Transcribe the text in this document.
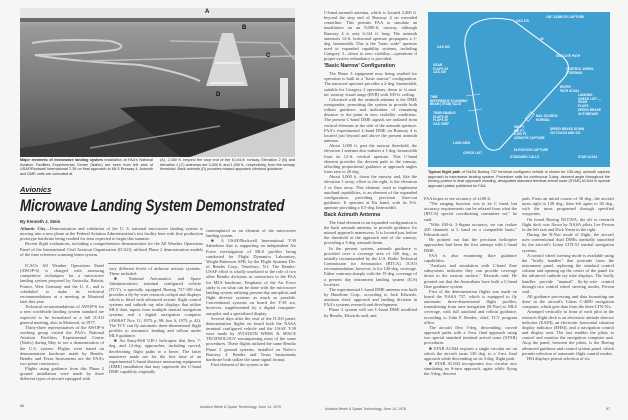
A
B
C
D
Major elements of microwave landing system installation at FAA's National Aviation Facilities Experimental Center (Nafec) are seen from left seat of USAF/Rockwell International T-39 on final approach to MLS Runway 4. Azimuth and DME units are colocated at
(A), 2,400 ft. beyond the stop end of the 6,144-ft. runway. Elevation 2 (B) and elevation 1 (C) antennas are 3,000 ft. and 1,000 ft., respectively, from the runway threshold. Back azimuth (D) provides missed approach climbout guidance.
Avionics
Microwave Landing System Demonstrated
By Kenneth J. Stein

Atlantic City—Demonstration and validation of the U. S. national microwave landing system is moving into a new phase at the Federal Aviation Administration's test facility here with first production prototype hardware being readied for tests expected to begin this summer.

Recent flight evaluations, including a comprehensive demonstration for the All Weather Operations Panel of the International Civil Aviation Organization (ICAO), utilized Phase 2 demonstration models of the time reference scanning beam system.

ICAO's All Weather Operations Panel (AWOP-6) is charged with assessing competitive techniques for a microwave landing system proposed by Australia, Britain, France, West Germany and the U. S., and is scheduled to make its technical recommendations at a meeting in Montreal later this year.

Technical recommendations of AWOP-6 for a new worldwide landing system standard are expected to be formalized at a full ICAO general meeting, also in Montreal, in 1977.

Thirty-three representatives of the AWOP-6 working group visited the FAA's National Aviation Facilities Experimental Center (Nafec) during May to see a demonstration of the U.S. system. Flights were based on demonstration hardware made by Bendix. Bendix and Texas Instruments are the FAA's two prime contractors.

Flights using guidance from this Phase 2 ground installation were made by three different types of aircraft equipped with

very different levels of airborne avionic systems. These included:

■ National Aeronautics and Space Administration's terminal configured vehicle (TCV), a specially equipped Boeing 737-100 that provides a fly-by-wire research cockpit and displays which is fitted with advanced avionic flight control systems and cathode ray tube displays that utilize MLS data, inputs from multiple inertial navigation systems and a digital navigation computer (AW&ST Nov. 11, 1975, p. 98; Jun. 6, 1975, p. 42). The TCV can fly automatic three-dimensional flight profiles to automatic landing and rollout under MLS guidance.

■ An Army/Bell UH-1 helicopter that flew 7-deg. and 12-deg. approaches, including curved, decelerating flight paths to a hover. The latter maneuver made use for the first time of an experimental L-band distance measuring equipment (DME) installation that may supersede the C-band DME capability originally

contemplated as an element of the microwave landing system.

■ A USAF/Rockwell International T-39 Sabreliner that is supporting an independent Air Force investigation of MLS profiles being conducted for Flight Dynamics Laboratory, Wright-Patterson AFB, by the Flight Systems Div. of Bendix Corp., Teterboro, N.J. The Bendix-USAF effort is wholly unrelated to the role of two other Bendix divisions as contractors to the FAA for MLS hardware. Emphasis of the Air Force study is on what can be done with the microwave landing system utilizing present-day autopilots and flight director systems as much as possible. Conventional systems on board the T-39 are, however, supplemented by a digital computer-autopilot and a specialized display.

Several days after the visit of the ICAO panel, demonstration flights on board both the NASA terminal configured vehicle and the USAF T-39 were made by AVIATION WEEK & SPACE TECHNOLOGY encompassing most of the same procedures. These flights utilized the same Bendix Phase 2 ground systems, installed on Nafec's Runway 4. Bendix and Texas Instruments hardware both utilize the same signal format.

First element of the system is the

86	Aviation Week & Space Technology, June 14, 1976

C-band azimuth antenna, which is located 2,400 ft. beyond the stop end of Runway 4 on extended centerline. This permits FAA to simulate an installation on an 8,000-ft. runway, although Runway 4 is only 6,144 ft. long. The azimuth antenna's 12-ft. horizontal aperture propagates a 1-deg. beamwidth. This is the "basic wide" aperture used in expanded capability systems, including Category 3—down to zero visibility—operations if proper system redundancy is provided.

'Basic Narrow' Configuration

The Phase 3 equipment now being readied for operation is built in a "basic narrow" configuration. The narrower aperture provides a 2-deg. beamwidth, suitable for Category 2 operations, down to ¼ naut. mi. runway visual range (RVR) with 100-ft. ceiling.

Colocated with the azimuth antenna is the DME transponder, permitting the system to provide both rollout guidance and indication of remaining distance to the point in zero visibility conditions. The present C-band DME signals are radiated from vertical elements at the side of the azimuth aperture. FAA's experimental L-band DME on Runway 4 is located just beyond and above the present azimuth antenna.

About 1,000 ft. past the runway threshold, the elevation 1 antenna also radiates a 1-deg. beamwidth from its 12-ft. vertical aperture. This C-band element provides the descent path to the runway, affording proportional guidance at approach angles from zero to 20 deg.

About 3,000 ft. down the runway and, like the elevation 1 array, offset to the right, is the elevation 2 or flare array. This element, used to implement autoland capabilities, is an element of the expanded configuration, providing precision flare-out guidance. It operates at Ku band, with its 8-ft. aperture providing a 0.5-deg. beamwidth.

Back Azimuth Antenna

The final element in an expanded configuration is the back azimuth antenna, to provide guidance for missed approach maneuvers. It is located just before the threshold at the approach end of the runway, providing a 3-deg. azimuth beam.

In the present system, azimuth guidance is provided over a coverage area of 160 deg., as initially recommended by the U.S. Radio Technical Commission for Aeronautics (RTCA). ICAO recommendation, however, is for 140-deg. coverage. Either contrasts sharply with the 15-deg. coverage of a present day instrument landing system (ILS) localizer.

The experimental L-band DME antenna was built by Hazeltine Corp., according to Jack Edwards, assistant chief, approach and landing division in FAA's systems research and development.

Phase 3 system will use L-band DME modified by Bendix, Edwards said, and

130° AZIMUTH CAPTURE
CAS 170
30
CAS 200
EXECUTE PATH
CONTROL WHEEL
STEERING
GEAR
FLAPS 25
CAS 160
ENTER
PATH AC044
TIME
REFERENCE SCANNING
BEAM (TRSB) VALID
LANDING
CHECK LIST —
GEAR
FLAPS
SPEED BRAKE
AUTOBRAKE
TRSB ENABLE
FLAPS 30
FLAPS 40
CAS VREF
NAV. SOURCE
NORMAL
SPEED BRAKE DOWN
ON TOUCH AND GO
500 FT,
500 FT,
2,000 FT,
AZIMUTH CAPTURE
LAND ARM
ELEVATION CAPTURE
CHECK LIST
STANDARD CALLS	STAR AC044
Typical flight path of NASA Boeing 737 terminal configured vehicle is shown for 130-deg. azimuth capture approach to microwave landing system. Procedure calls for continuous 3-deg. descent angle throughout the turning portion to final approach heading, designated standard terminal arrival route (STAR) AC044 in special approach plates published for FAA.

FAA hopes to see accuracy of ±100 ft.

"The ranging function was to be C band, but accuracy requirements can be relaxed from what the [RTCA] special coordinating committee set," he said.

"With 100-ft. 2-Sigma accuracy, we can realize 200 channels at L band on a compatible basis," Edwards said.

He pointed out that the precision helicopter approaches had been the first attempt with L-band DME.

FAA is also examining flare guidance capabilities.

"Analysis and simulation with C-band flare subsystems indicates they can provide coverage down to the runway surface," Edwards said. He pointed out that the Australians have built a C-band flare guidance system.

First of the demonstration flights was made on board the NASA 737, which is equipped to fly automatic three-dimensional flight profiles, transitioning from area navigation (R-Nav) to MLS coverage, with full autoland and rollout guidance, according to John P. Reeder, chief, TCV program office.

The aircraft flew 3-deg. descending, curved approach paths with a 3-mi. final approach using two special standard terminal arrival route (STAR) procedures.

■ STAR AC044 requires a single circular arc on which the aircraft turns 130 deg. to a 3-mi. final approach while descending on its 3-deg. flight path.

■ STAR AC043 incorporates two circular arcs simulating an S-turn approach, again while flying the 3-deg. descent

path. From an initial course of 38 deg., the aircraft turns right to 128 deg., then left again to 38 deg., with the turns programed through specified waypoints.

On board Boeing N515NA, the aft or research flight deck was flown by NASA pilots Lee Person in the left seat and Dick Yenni in the right.

During the R-Nav mode of flight, the aircraft uses conventional dual DMEs inertially smoothed by the aircraft's Litton LTN-51 inertial navigation systems.

A control wheel steering mode is available using the "brolly handles" that protrude from the instrument panel, replacing the standard control column and opening up the center of the panel for the advanced cathode ray tube displays. The brolly handles provide "manual" fly-by-wire control through two control wheel steering modes, Person said.

All guidance processing and data formatting are done in the aircraft's Litton C-4000 navigation computer, which gets data from the three LTN-51s.

Arranged vertically in front of each pilot in the research flight deck is an electronic attitude director indicator (EADI), an electronic horizontal situation display indicator (EHSI), and a navigation control and display unit. The last enables the pilots to control and monitor the navigation computer unit. Atop the panel, between the pilots, is the Boeing advanced guidance and control system panel, which permits selection of automatic flight control modes.

HSI displays permit selection of six

Aviation Week & Space Technology, June 14, 1976	87
